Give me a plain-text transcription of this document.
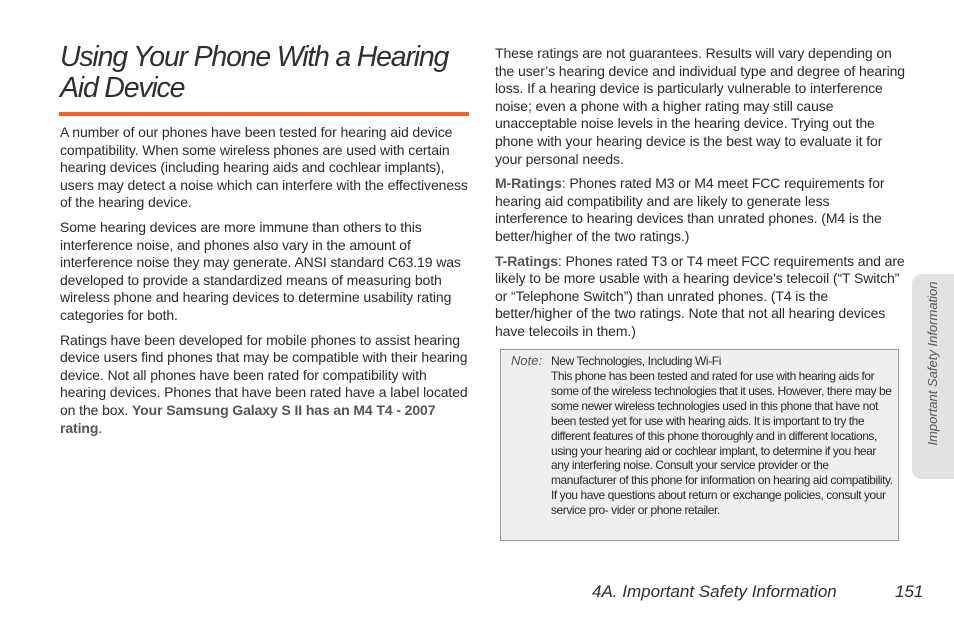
Using Your Phone With a Hearing Aid Device

A number of our phones have been tested for hearing aid device compatibility. When some wireless phones are used with certain hearing devices (including hearing aids and cochlear implants), users may detect a noise which can interfere with the effectiveness of the hearing device.

Some hearing devices are more immune than others to this interference noise, and phones also vary in the amount of interference noise they may generate. ANSI standard C63.19 was developed to provide a standardized means of measuring both wireless phone and hearing devices to determine usability rating categories for both.

Ratings have been developed for mobile phones to assist hearing device users find phones that may be compatible with their hearing device. Not all phones have been rated for compatibility with hearing devices. Phones that have been rated have a label located on the box. Your Samsung Galaxy S II has an M4 T4 - 2007 rating.

These ratings are not guarantees. Results will vary depending on the user’s hearing device and individual type and degree of hearing loss. If a hearing device is particularly vulnerable to interference noise; even a phone with a higher rating may still cause unacceptable noise levels in the hearing device. Trying out the phone with your hearing device is the best way to evaluate it for your personal needs.

M-Ratings: Phones rated M3 or M4 meet FCC requirements for hearing aid compatibility and are likely to generate less interference to hearing devices than unrated phones. (M4 is the better/higher of the two ratings.)

T-Ratings: Phones rated T3 or T4 meet FCC requirements and are likely to be more usable with a hearing device’s telecoil (“T Switch” or “Telephone Switch”) than unrated phones. (T4 is the better/higher of the two ratings. Note that not all hearing devices have telecoils in them.)

Note: New Technologies, Including Wi-Fi
This phone has been tested and rated for use with hearing aids for some of the wireless technologies that it uses. However, there may be some newer wireless technologies used in this phone that have not been tested yet for use with hearing aids. It is important to try the different features of this phone thoroughly and in different locations, using your hearing aid or cochlear implant, to determine if you hear any interfering noise. Consult your service provider or the manufacturer of this phone for information on hearing aid compatibility. If you have questions about return or exchange policies, consult your service pro- vider or phone retailer.
Important Safety Information
4A. Important Safety Information	151
